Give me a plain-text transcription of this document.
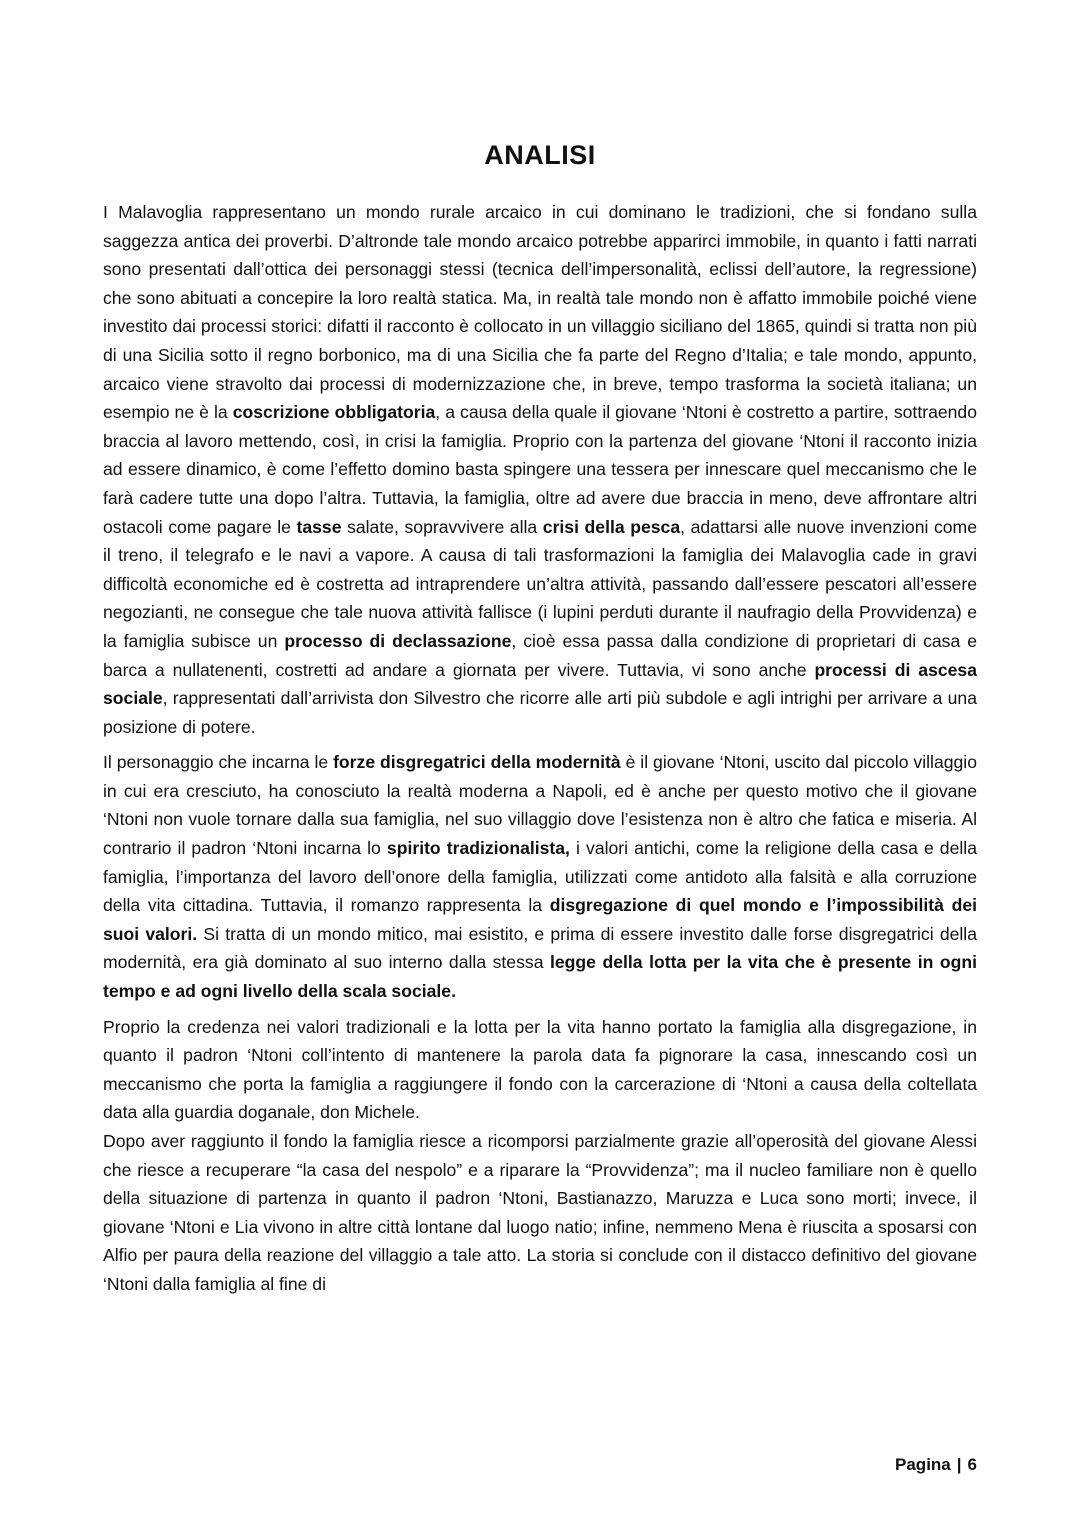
ANALISI

I Malavoglia rappresentano un mondo rurale arcaico in cui dominano le tradizioni, che si fondano sulla saggezza antica dei proverbi. D’altronde tale mondo arcaico potrebbe apparirci immobile, in quanto i fatti narrati sono presentati dall’ottica dei personaggi stessi (tecnica dell’impersonalità, eclissi dell’autore, la regressione) che sono abituati a concepire la loro realtà statica. Ma, in realtà tale mondo non è affatto immobile poiché viene investito dai processi storici: difatti il racconto è collocato in un villaggio siciliano del 1865, quindi si tratta non più di una Sicilia sotto il regno borbonico, ma di una Sicilia che fa parte del Regno d’Italia; e tale mondo, appunto, arcaico viene stravolto dai processi di modernizzazione che, in breve, tempo trasforma la società italiana; un esempio ne è la coscrizione obbligatoria, a causa della quale il giovane ‘Ntoni è costretto a partire, sottraendo braccia al lavoro mettendo, così, in crisi la famiglia. Proprio con la partenza del giovane ‘Ntoni il racconto inizia ad essere dinamico, è come l’effetto domino basta spingere una tessera per innescare quel meccanismo che le farà cadere tutte una dopo l’altra. Tuttavia, la famiglia, oltre ad avere due braccia in meno, deve affrontare altri ostacoli come pagare le tasse salate, sopravvivere alla crisi della pesca, adattarsi alle nuove invenzioni come il treno, il telegrafo e le navi a vapore. A causa di tali trasformazioni la famiglia dei Malavoglia cade in gravi difficoltà economiche ed è costretta ad intraprendere un’altra attività, passando dall’essere pescatori all’essere negozianti, ne consegue che tale nuova attività fallisce (i lupini perduti durante il naufragio della Provvidenza) e la famiglia subisce un processo di declassazione, cioè essa passa dalla condizione di proprietari di casa e barca a nullatenenti, costretti ad andare a giornata per vivere. Tuttavia, vi sono anche processi di ascesa sociale, rappresentati dall’arrivista don Silvestro che ricorre alle arti più subdole e agli intrighi per arrivare a una posizione di potere.

Il personaggio che incarna le forze disgregatrici della modernità è il giovane ‘Ntoni, uscito dal piccolo villaggio in cui era cresciuto, ha conosciuto la realtà moderna a Napoli, ed è anche per questo motivo che il giovane ‘Ntoni non vuole tornare dalla sua famiglia, nel suo villaggio dove l’esistenza non è altro che fatica e miseria. Al contrario il padron ‘Ntoni incarna lo spirito tradizionalista, i valori antichi, come la religione della casa e della famiglia, l’importanza del lavoro dell’onore della famiglia, utilizzati come antidoto alla falsità e alla corruzione della vita cittadina. Tuttavia, il romanzo rappresenta la disgregazione di quel mondo e l’impossibilità dei suoi valori. Si tratta di un mondo mitico, mai esistito, e prima di essere investito dalle forse disgregatrici della modernità, era già dominato al suo interno dalla stessa legge della lotta per la vita che è presente in ogni tempo e ad ogni livello della scala sociale.

Proprio la credenza nei valori tradizionali e la lotta per la vita hanno portato la famiglia alla disgregazione, in quanto il padron ‘Ntoni coll’intento di mantenere la parola data fa pignorare la casa, innescando così un meccanismo che porta la famiglia a raggiungere il fondo con la carcerazione di ‘Ntoni a causa della coltellata data alla guardia doganale, don Michele.

Dopo aver raggiunto il fondo la famiglia riesce a ricomporsi parzialmente grazie all’operosità del giovane Alessi che riesce a recuperare “la casa del nespolo” e a riparare la “Provvidenza”; ma il nucleo familiare non è quello della situazione di partenza in quanto il padron ‘Ntoni, Bastianazzo, Maruzza e Luca sono morti; invece, il giovane ‘Ntoni e Lia vivono in altre città lontane dal luogo natio; infine, nemmeno Mena è riuscita a sposarsi con Alfio per paura della reazione del villaggio a tale atto. La storia si conclude con il distacco definitivo del giovane ‘Ntoni dalla famiglia al fine di

Pagina | 6
